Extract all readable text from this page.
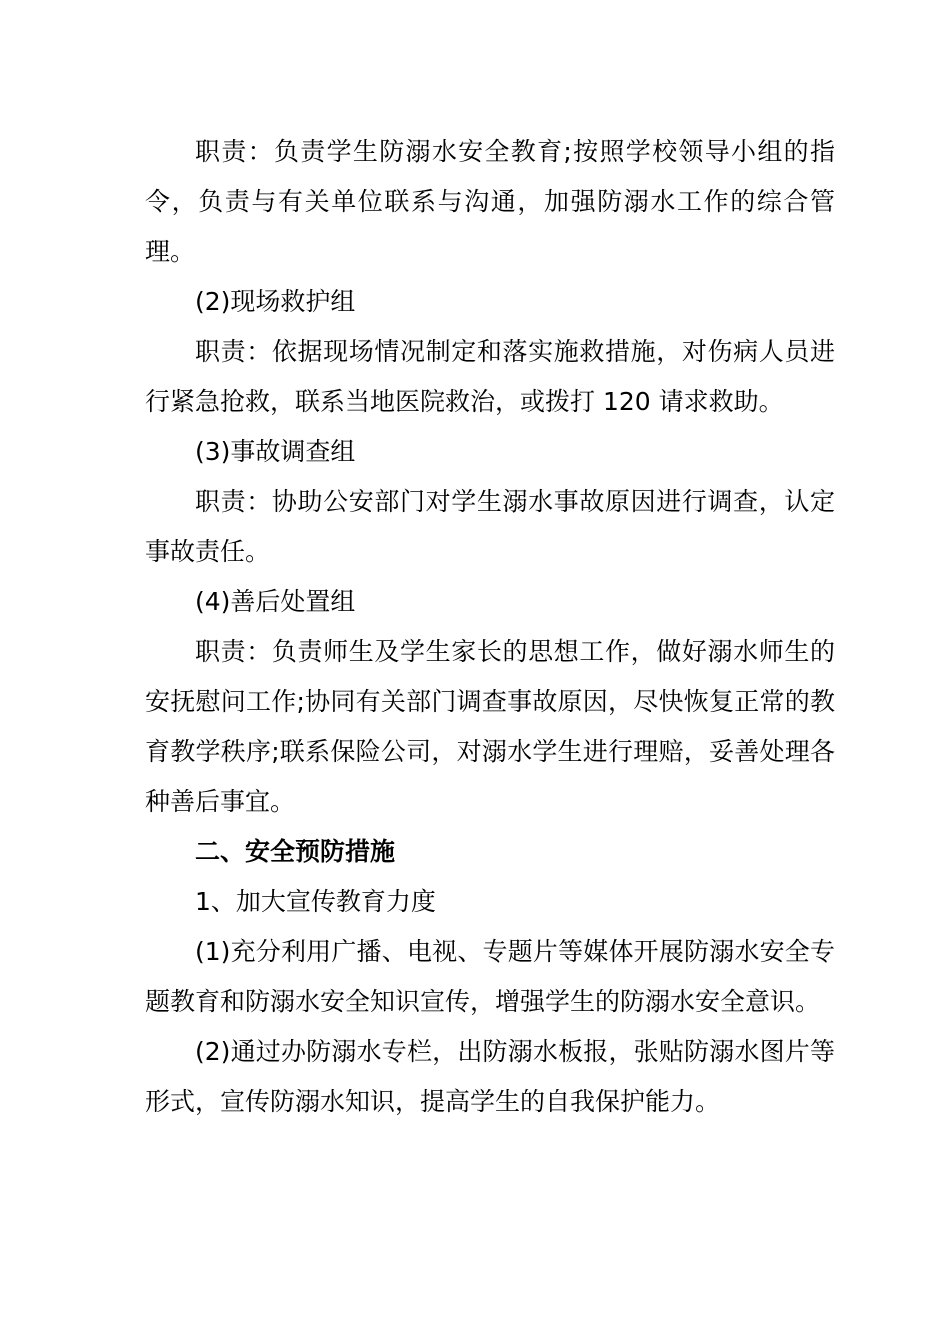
职责：负责学生防溺水安全教育;按照学校领导小组的指令，负责与有关单位联系与沟通，加强防溺水工作的综合管理。

(2)现场救护组

职责：依据现场情况制定和落实施救措施，对伤病人员进行紧急抢救，联系当地医院救治，或拨打 120 请求救助。

(3)事故调查组

职责：协助公安部门对学生溺水事故原因进行调查，认定事故责任。

(4)善后处置组

职责：负责师生及学生家长的思想工作，做好溺水师生的安抚慰问工作;协同有关部门调查事故原因，尽快恢复正常的教育教学秩序;联系保险公司，对溺水学生进行理赔，妥善处理各种善后事宜。

二、安全预防措施

1、加大宣传教育力度

(1)充分利用广播、电视、专题片等媒体开展防溺水安全专题教育和防溺水安全知识宣传，增强学生的防溺水安全意识。

(2)通过办防溺水专栏，出防溺水板报，张贴防溺水图片等形式，宣传防溺水知识，提高学生的自我保护能力。
